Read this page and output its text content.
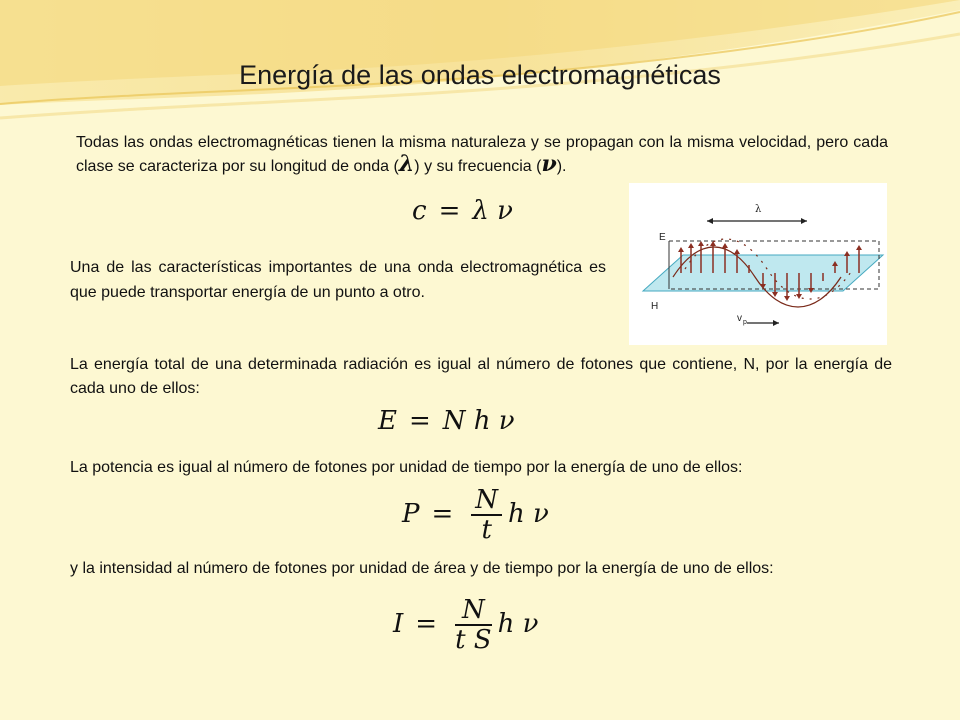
Energía de las ondas electromagnéticas

Todas las ondas electromagnéticas tienen la misma naturaleza y se propagan con la misma velocidad, pero cada clase se caracteriza por su longitud de onda (λ) y su frecuencia (ν).

c = λ ν

Una de las características importantes de una onda electromagnética es que puede transportar energía de un punto a otro.

λ
E
H
v p

La energía total de una determinada radiación es igual al número de fotones que contiene, N, por la energía de cada uno de ellos:

E = N h ν

La potencia es igual al número de fotones por unidad de tiempo por la energía de uno de ellos:

$P = \frac{N}{t}$ h ν

y la intensidad al número de fotones por unidad de área y de tiempo por la energía de uno de ellos:

$I = \frac{N}{\text{t S}}$ h ν
